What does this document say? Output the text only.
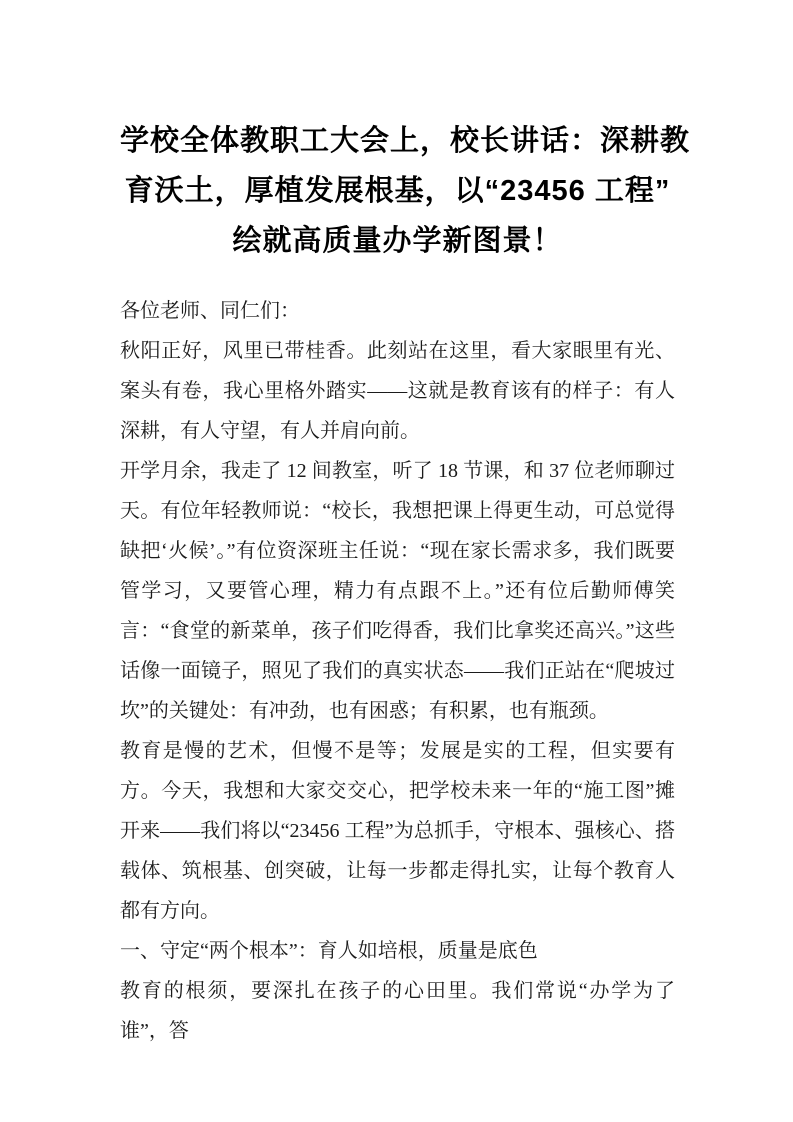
学校全体教职工大会上，校长讲话：深耕教
育沃土，厚植发展根基，以“23456 工程”
绘就高质量办学新图景！

各位老师、同仁们：

秋阳正好，风里已带桂香。此刻站在这里，看大家眼里有光、案头有卷，我心里格外踏实——这就是教育该有的样子：有人深耕，有人守望，有人并肩向前。

开学月余，我走了 12 间教室，听了 18 节课，和 37 位老师聊过天。有位年轻教师说：“校长，我想把课上得更生动，可总觉得缺把‘火候’。”有位资深班主任说：“现在家长需求多，我们既要管学习，又要管心理，精力有点跟不上。”还有位后勤师傅笑言：“食堂的新菜单，孩子们吃得香，我们比拿奖还高兴。”这些话像一面镜子，照见了我们的真实状态——我们正站在“爬坡过坎”的关键处：有冲劲，也有困惑；有积累，也有瓶颈。

教育是慢的艺术，但慢不是等；发展是实的工程，但实要有方。今天，我想和大家交交心，把学校未来一年的“施工图”摊开来——我们将以“23456 工程”为总抓手，守根本、强核心、搭载体、筑根基、创突破，让每一步都走得扎实，让每个教育人都有方向。

一、守定“两个根本”：育人如培根，质量是底色

教育的根须，要深扎在孩子的心田里。我们常说“办学为了谁”，答
